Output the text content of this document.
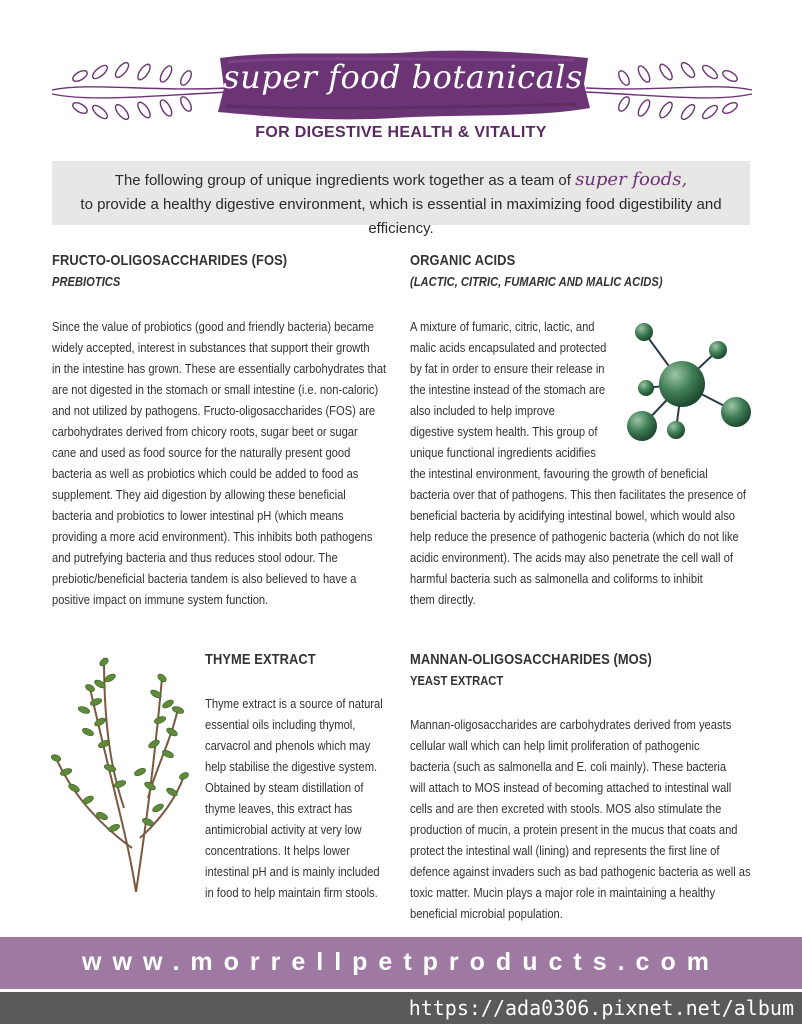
super food botanicals
FOR DIGESTIVE HEALTH & VITALITY
The following group of unique ingredients work together as a team of super foods,
to provide a healthy digestive environment, which is essential in maximizing food digestibility and efficiency.
FRUCTO-OLIGOSACCHARIDES (FOS)
PREBIOTICS
Since the value of probiotics (good and friendly bacteria) became
widely accepted, interest in substances that support their growth
in the intestine has grown. These are essentially carbohydrates that
are not digested in the stomach or small intestine (i.e. non-caloric)
and not utilized by pathogens. Fructo-oligosaccharides (FOS) are
carbohydrates derived from chicory roots, sugar beet or sugar
cane and used as food source for the naturally present good
bacteria as well as probiotics which could be added to food as
supplement. They aid digestion by allowing these beneficial
bacteria and probiotics to lower intestinal pH (which means
providing a more acid environment). This inhibits both pathogens
and putrefying bacteria and thus reduces stool odour. The
prebiotic/beneficial bacteria tandem is also believed to have a
positive impact on immune system function.
ORGANIC ACIDS
(LACTIC, CITRIC, FUMARIC AND MALIC ACIDS)
A mixture of fumaric, citric, lactic, and
malic acids encapsulated and protected
by fat in order to ensure their release in
the intestine instead of the stomach are
also included to help improve
digestive system health. This group of
unique functional ingredients acidifies
the intestinal environment, favouring the growth of beneficial
bacteria over that of pathogens. This then facilitates the presence of
beneficial bacteria by acidifying intestinal bowel, which would also
help reduce the presence of pathogenic bacteria (which do not like
acidic environment). The acids may also penetrate the cell wall of
harmful bacteria such as salmonella and coliforms to inhibit
them directly.
THYME EXTRACT
Thyme extract is a source of natural
essential oils including thymol,
carvacrol and phenols which may
help stabilise the digestive system.
Obtained by steam distillation of
thyme leaves, this extract has
antimicrobial activity at very low
concentrations. It helps lower
intestinal pH and is mainly included
in food to help maintain firm stools.
MANNAN-OLIGOSACCHARIDES (MOS)
YEAST EXTRACT
Mannan-oligosaccharides are carbohydrates derived from yeasts
cellular wall which can help limit proliferation of pathogenic
bacteria (such as salmonella and E. coli mainly). These bacteria
will attach to MOS instead of becoming attached to intestinal wall
cells and are then excreted with stools. MOS also stimulate the
production of mucin, a protein present in the mucus that coats and
protect the intestinal wall (lining) and represents the first line of
defence against invaders such as bad pathogenic bacteria as well as
toxic matter. Mucin plays a major role in maintaining a healthy
beneficial microbial population.
www.morrellpetproducts.com
https://ada0306.pixnet.net/album
